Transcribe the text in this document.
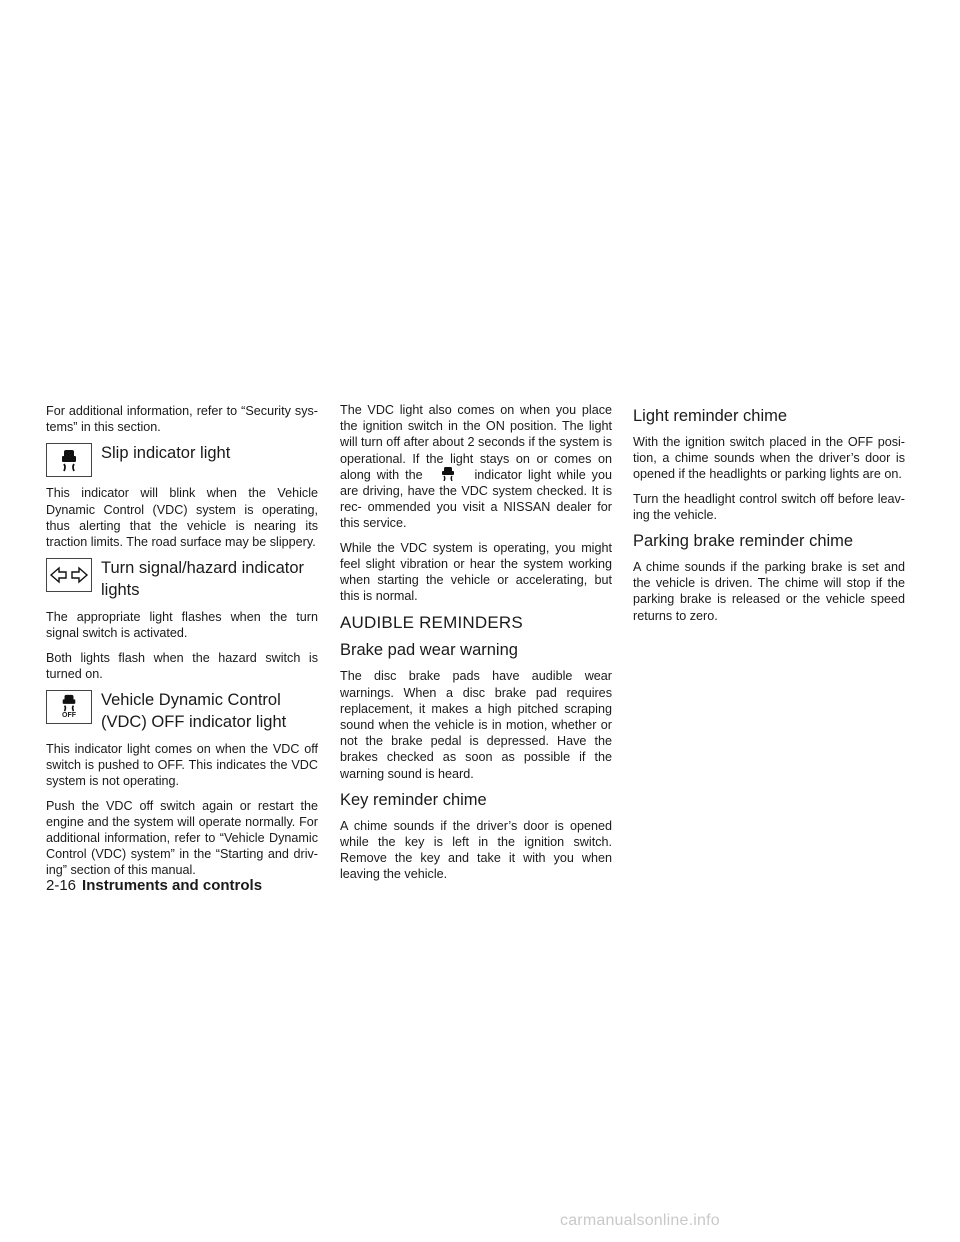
For additional information, refer to “Security sys- tems” in this section.

Slip indicator light

This indicator will blink when the Vehicle Dynamic Control (VDC) system is operating, thus alerting that the vehicle is nearing its traction limits. The road surface may be slippery.

Turn signal/hazard indicator lights

The appropriate light flashes when the turn signal switch is activated.

Both lights flash when the hazard switch is turned on.

OFF
Vehicle Dynamic Control (VDC) OFF indicator light

This indicator light comes on when the VDC off switch is pushed to OFF. This indicates the VDC system is not operating.

Push the VDC off switch again or restart the engine and the system will operate normally. For additional information, refer to “Vehicle Dynamic Control (VDC) system” in the “Starting and driv- ing” section of this manual.

The VDC light also comes on when you place the ignition switch in the ON position. The light will turn off after about 2 seconds if the system is operational. If the light stays on or comes on along with the	indicator light while you are driving, have the VDC system checked. It is rec- ommended you visit a NISSAN dealer for this service.

While the VDC system is operating, you might feel slight vibration or hear the system working when starting the vehicle or accelerating, but this is normal.

AUDIBLE REMINDERS
Brake pad wear warning

The disc brake pads have audible wear warnings. When a disc brake pad requires replacement, it makes a high pitched scraping sound when the vehicle is in motion, whether or not the brake pedal is depressed. Have the brakes checked as soon as possible if the warning sound is heard.

Key reminder chime

A chime sounds if the driver’s door is opened while the key is left in the ignition switch. Remove the key and take it with you when leaving the vehicle.

Light reminder chime

With the ignition switch placed in the OFF posi- tion, a chime sounds when the driver’s door is opened if the headlights or parking lights are on.

Turn the headlight control switch off before leav- ing the vehicle.

Parking brake reminder chime

A chime sounds if the parking brake is set and the vehicle is driven. The chime will stop if the parking brake is released or the vehicle speed returns to zero.

2-16 Instruments and controls
carmanualsonline.info
